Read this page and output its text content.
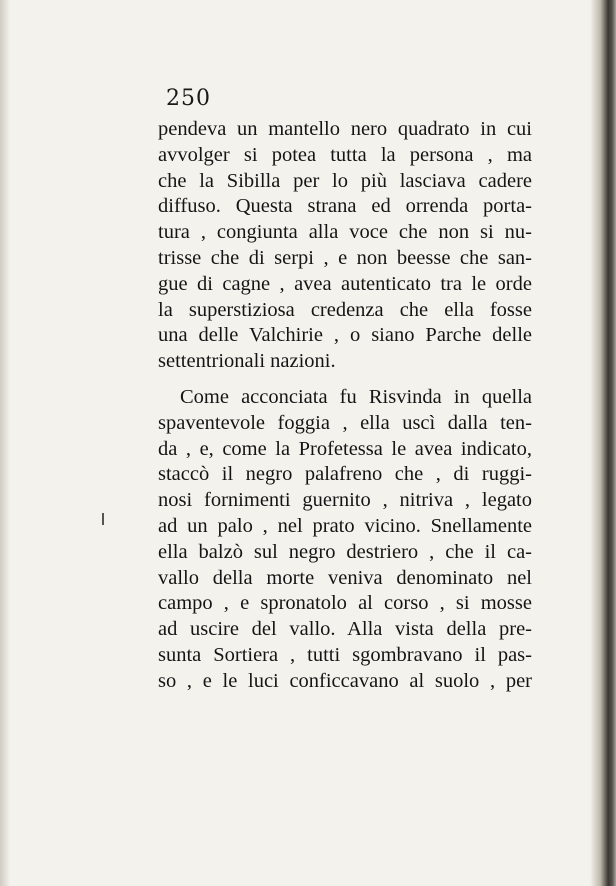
250
pendeva un mantello nero quadrato in cui
avvolger si potea tutta la persona , ma
che la Sibilla per lo più lasciava cadere
diffuso. Questa strana ed orrenda porta-
tura , congiunta alla voce che non si nu-
trisse che di serpi , e non beesse che san-
gue di cagne , avea autenticato tra le orde
la superstiziosa credenza che ella fosse
una delle Valchirie , o siano Parche delle
settentrionali nazioni.
Come acconciata fu Risvinda in quella
spaventevole foggia , ella uscì dalla ten-
da , e, come la Profetessa le avea indicato,
staccò il negro palafreno che , di ruggi-
nosi fornimenti guernito , nitriva , legato
ad un palo , nel prato vicino. Snellamente
ella balzò sul negro destriero , che il ca-
vallo della morte veniva denominato nel
campo , e spronatolo al corso , si mosse
ad uscire del vallo. Alla vista della pre-
sunta Sortiera , tutti sgombravano il pas-
so , e le luci conficcavano al suolo , per
